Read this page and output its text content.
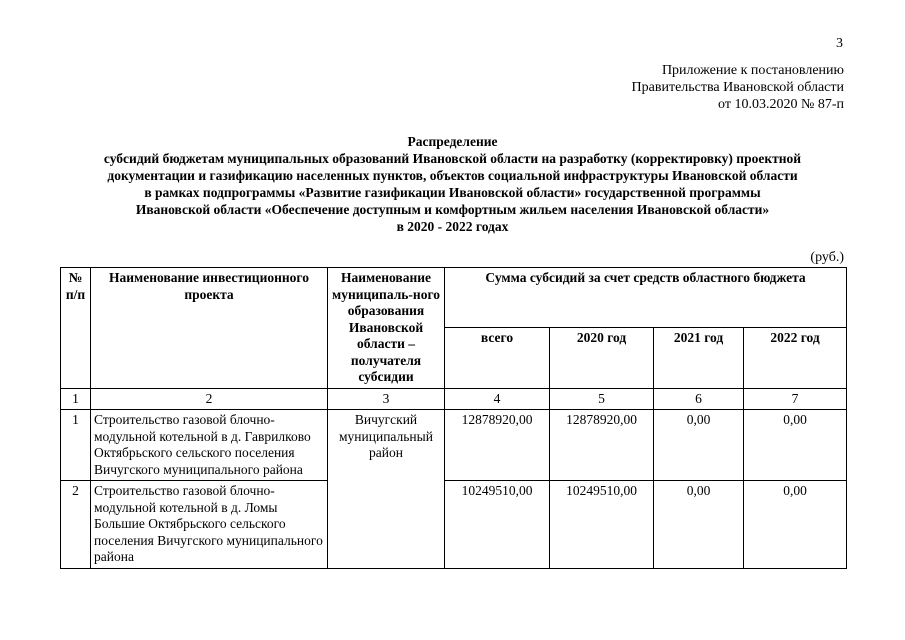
3
Приложение к постановлению
Правительства Ивановской области
от 10.03.2020 № 87-п
Распределение
субсидий бюджетам муниципальных образований Ивановской области на разработку (корректировку) проектной
документации и газификацию населенных пунктов, объектов социальной инфраструктуры Ивановской области
в рамках подпрограммы «Развитие газификации Ивановской области» государственной программы
Ивановской области «Обеспечение доступным и комфортным жильем населения Ивановской области»
в 2020 - 2022 годах
(руб.)
№ п/п	Наименование инвестиционного проекта	Наименование муниципаль-ного образования Ивановской области – получателя субсидии	Сумма субсидий за счет средств областного бюджета			
			всего	2020 год	2021 год	2022 год
1	2	3	4	5	6	7
1	Строительство газовой блочно-модульной котельной в д. Гаврилково Октябрьского сельского поселения Вичугского муниципального района	Вичугский муниципальный район	12878920,00	12878920,00	0,00	0,00
2	Строительство газовой блочно-модульной котельной в д. Ломы Большие Октябрьского сельского поселения Вичугского муниципального района		10249510,00	10249510,00	0,00	0,00
